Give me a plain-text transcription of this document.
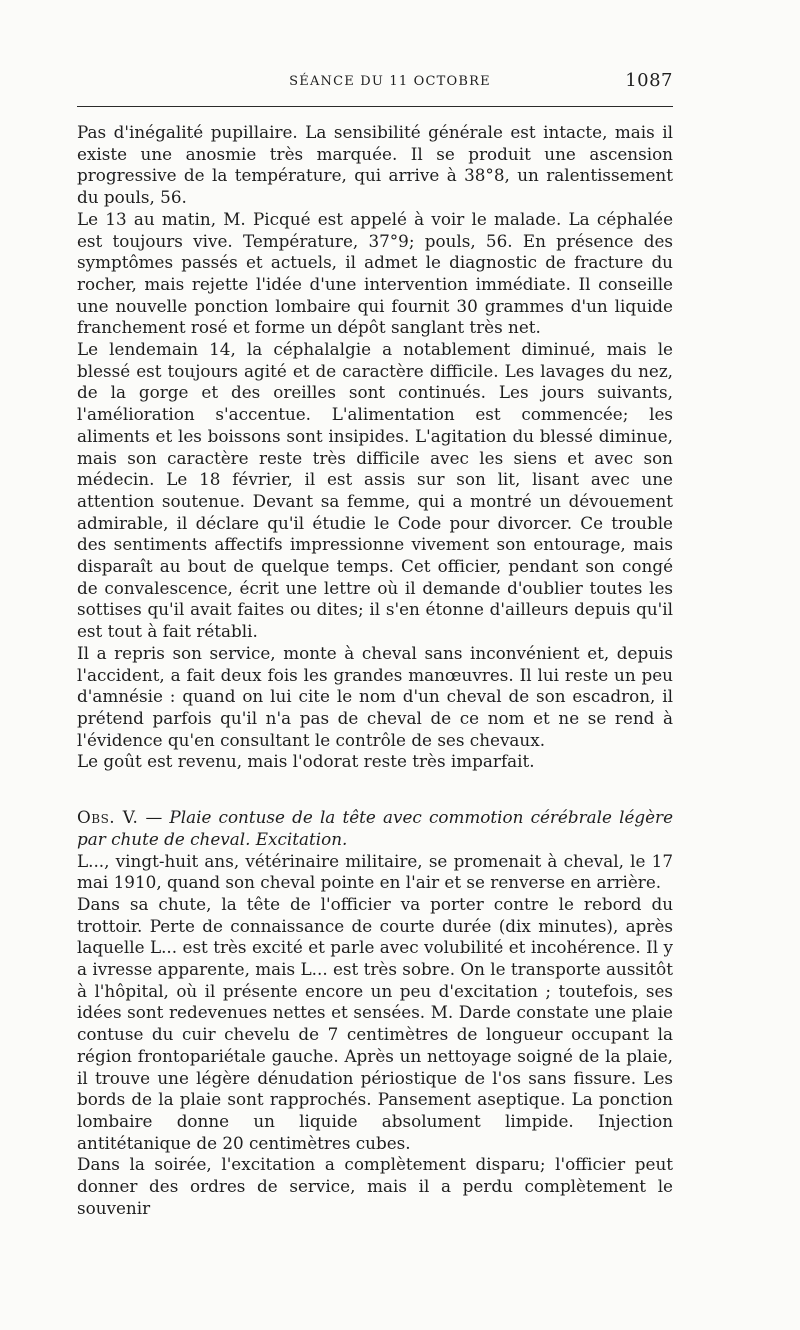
SÉANCE DU 11 OCTOBRE	1087

Pas d'inégalité pupillaire. La sensibilité générale est intacte, mais il existe une anosmie très marquée. Il se produit une ascension progressive de la température, qui arrive à 38°8, un ralentissement du pouls, 56.

Le 13 au matin, M. Picqué est appelé à voir le malade. La céphalée est toujours vive. Température, 37°9; pouls, 56. En présence des symptômes passés et actuels, il admet le diagnostic de fracture du rocher, mais rejette l'idée d'une intervention immédiate. Il conseille une nouvelle ponction lombaire qui fournit 30 grammes d'un liquide franchement rosé et forme un dépôt sanglant très net.

Le lendemain 14, la céphalalgie a notablement diminué, mais le blessé est toujours agité et de caractère difficile. Les lavages du nez, de la gorge et des oreilles sont continués. Les jours suivants, l'amélioration s'accentue. L'alimentation est commencée; les aliments et les boissons sont insipides. L'agitation du blessé diminue, mais son caractère reste très difficile avec les siens et avec son médecin. Le 18 février, il est assis sur son lit, lisant avec une attention soutenue. Devant sa femme, qui a montré un dévouement admirable, il déclare qu'il étudie le Code pour divorcer. Ce trouble des sentiments affectifs impressionne vivement son entourage, mais disparaît au bout de quelque temps. Cet officier, pendant son congé de convalescence, écrit une lettre où il demande d'oublier toutes les sottises qu'il avait faites ou dites; il s'en étonne d'ailleurs depuis qu'il est tout à fait rétabli.

Il a repris son service, monte à cheval sans inconvénient et, depuis l'accident, a fait deux fois les grandes manœuvres. Il lui reste un peu d'amnésie : quand on lui cite le nom d'un cheval de son escadron, il prétend parfois qu'il n'a pas de cheval de ce nom et ne se rend à l'évidence qu'en consultant le contrôle de ses chevaux.

Le goût est revenu, mais l'odorat reste très imparfait.

Obs. V. — Plaie contuse de la tête avec commotion cérébrale légère par chute de cheval. Excitation.

L..., vingt-huit ans, vétérinaire militaire, se promenait à cheval, le 17 mai 1910, quand son cheval pointe en l'air et se renverse en arrière.

Dans sa chute, la tête de l'officier va porter contre le rebord du trottoir. Perte de connaissance de courte durée (dix minutes), après laquelle L... est très excité et parle avec volubilité et incohérence. Il y a ivresse apparente, mais L... est très sobre. On le transporte aussitôt à l'hôpital, où il présente encore un peu d'excitation ; toutefois, ses idées sont redevenues nettes et sensées. M. Darde constate une plaie contuse du cuir chevelu de 7 centimètres de longueur occupant la région frontopariétale gauche. Après un nettoyage soigné de la plaie, il trouve une légère dénudation périostique de l'os sans fissure. Les bords de la plaie sont rapprochés. Pansement aseptique. La ponction lombaire donne un liquide absolument limpide. Injection antitétanique de 20 centimètres cubes.

Dans la soirée, l'excitation a complètement disparu; l'officier peut donner des ordres de service, mais il a perdu complètement le souvenir
